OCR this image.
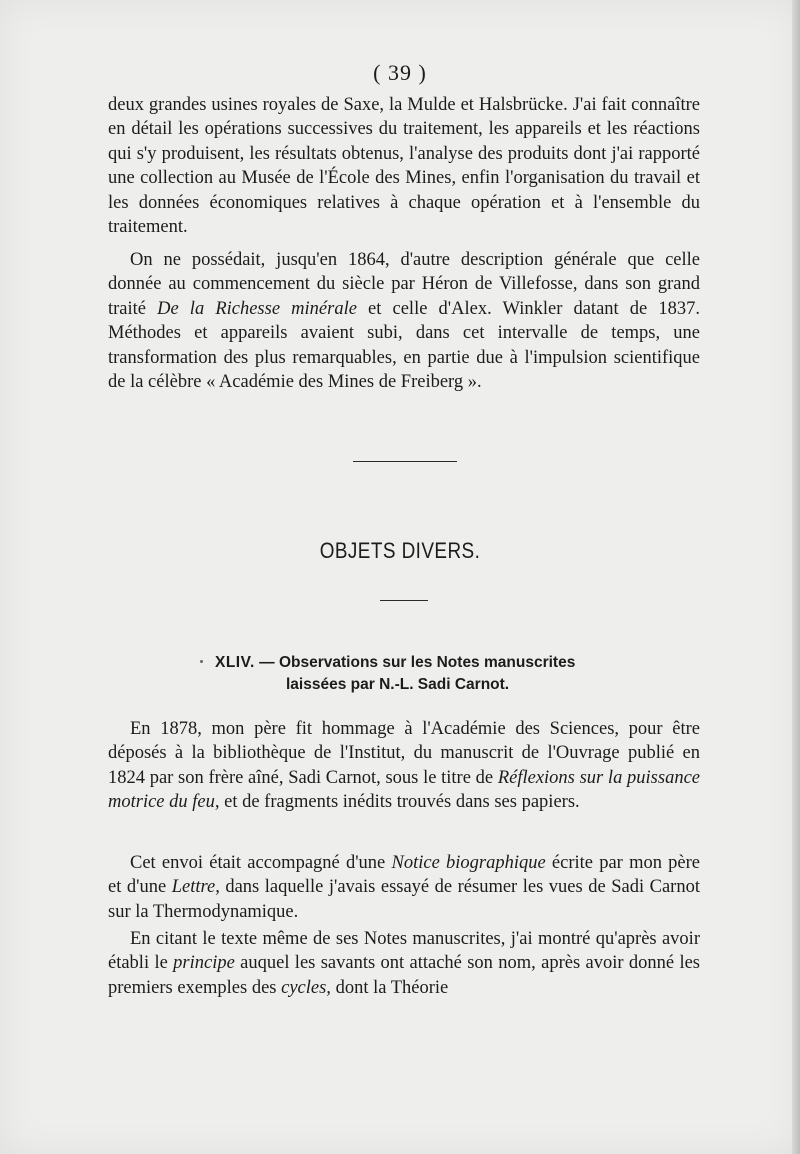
( 39 )

deux grandes usines royales de Saxe, la Mulde et Halsbrücke. J'ai fait connaître en détail les opérations successives du traitement, les appareils et les réactions qui s'y produisent, les résultats obtenus, l'analyse des produits dont j'ai rapporté une collection au Musée de l'École des Mines, enfin l'organisation du travail et les données économiques relatives à chaque opération et à l'ensemble du traitement.

On ne possédait, jusqu'en 1864, d'autre description générale que celle donnée au commencement du siècle par Héron de Villefosse, dans son grand traité De la Richesse minérale et celle d'Alex. Winkler datant de 1837. Méthodes et appareils avaient subi, dans cet intervalle de temps, une transformation des plus remarquables, en partie due à l'impulsion scientifique de la célèbre « Académie des Mines de Freiberg ».

OBJETS DIVERS.
XLIV. — Observations sur les Notes manuscrites
laissées par N.-L. Sadi Carnot.

En 1878, mon père fit hommage à l'Académie des Sciences, pour être déposés à la bibliothèque de l'Institut, du manuscrit de l'Ouvrage publié en 1824 par son frère aîné, Sadi Carnot, sous le titre de Réflexions sur la puissance motrice du feu, et de fragments inédits trouvés dans ses papiers.

Cet envoi était accompagné d'une Notice biographique écrite par mon père et d'une Lettre, dans laquelle j'avais essayé de résumer les vues de Sadi Carnot sur la Thermodynamique.

En citant le texte même de ses Notes manuscrites, j'ai montré qu'après avoir établi le principe auquel les savants ont attaché son nom, après avoir donné les premiers exemples des cycles, dont la Théorie
